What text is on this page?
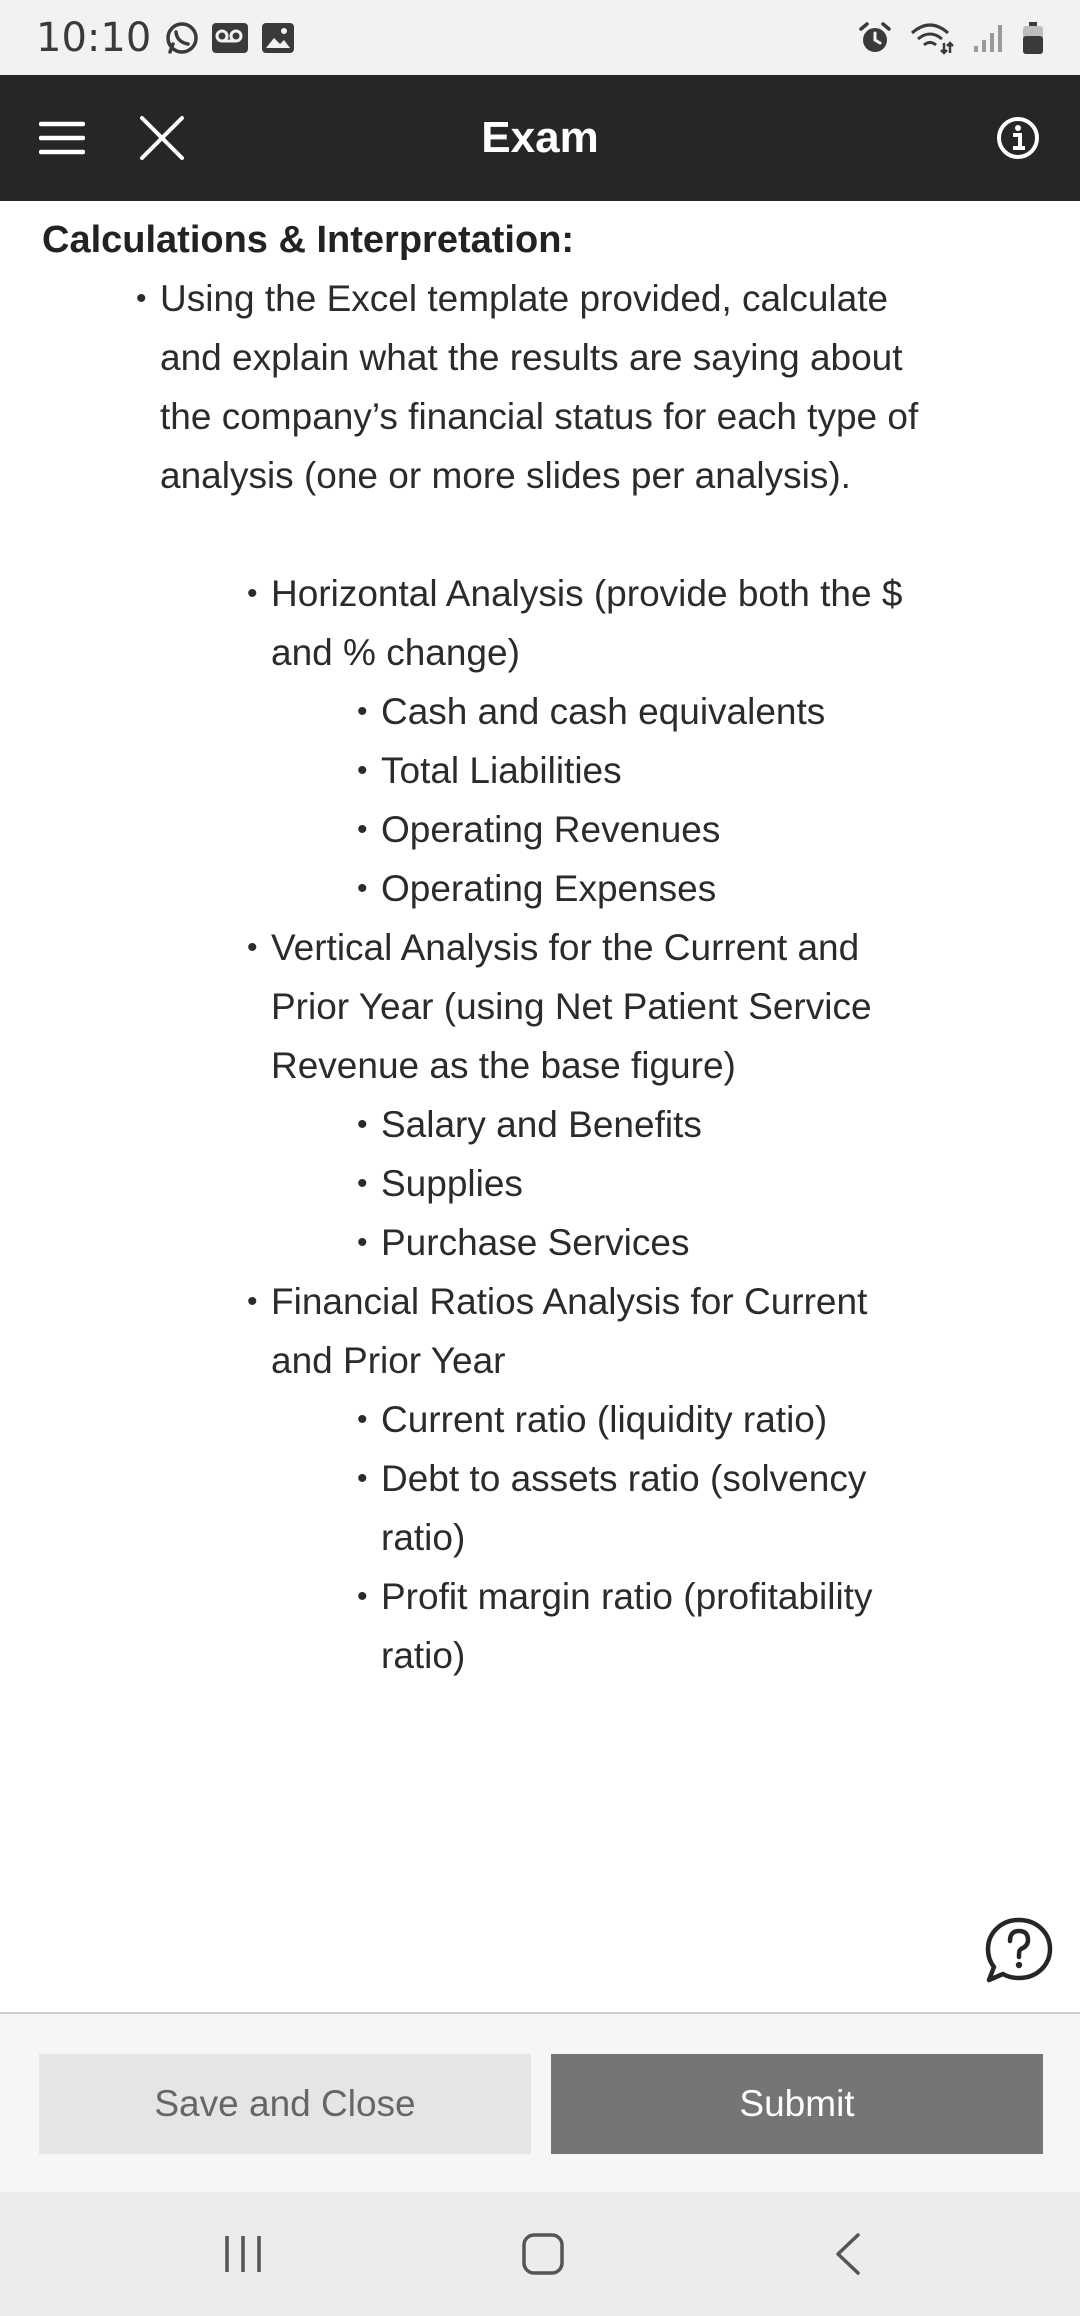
10:10
Exam
Calculations & Interpretation:
• Using the Excel template provided, calculate and explain what the results are saying about the company’s financial status for each type of analysis (one or more slides per analysis).
• Horizontal Analysis (provide both the $ and % change)
• Cash and cash equivalents
• Total Liabilities
• Operating Revenues
• Operating Expenses
• Vertical Analysis for the Current and Prior Year (using Net Patient Service Revenue as the base figure)
• Salary and Benefits
• Supplies
• Purchase Services
• Financial Ratios Analysis for Current and Prior Year
• Current ratio (liquidity ratio)
• Debt to assets ratio (solvency ratio)
• Profit margin ratio (profitability ratio)
Save and Close	Submit
